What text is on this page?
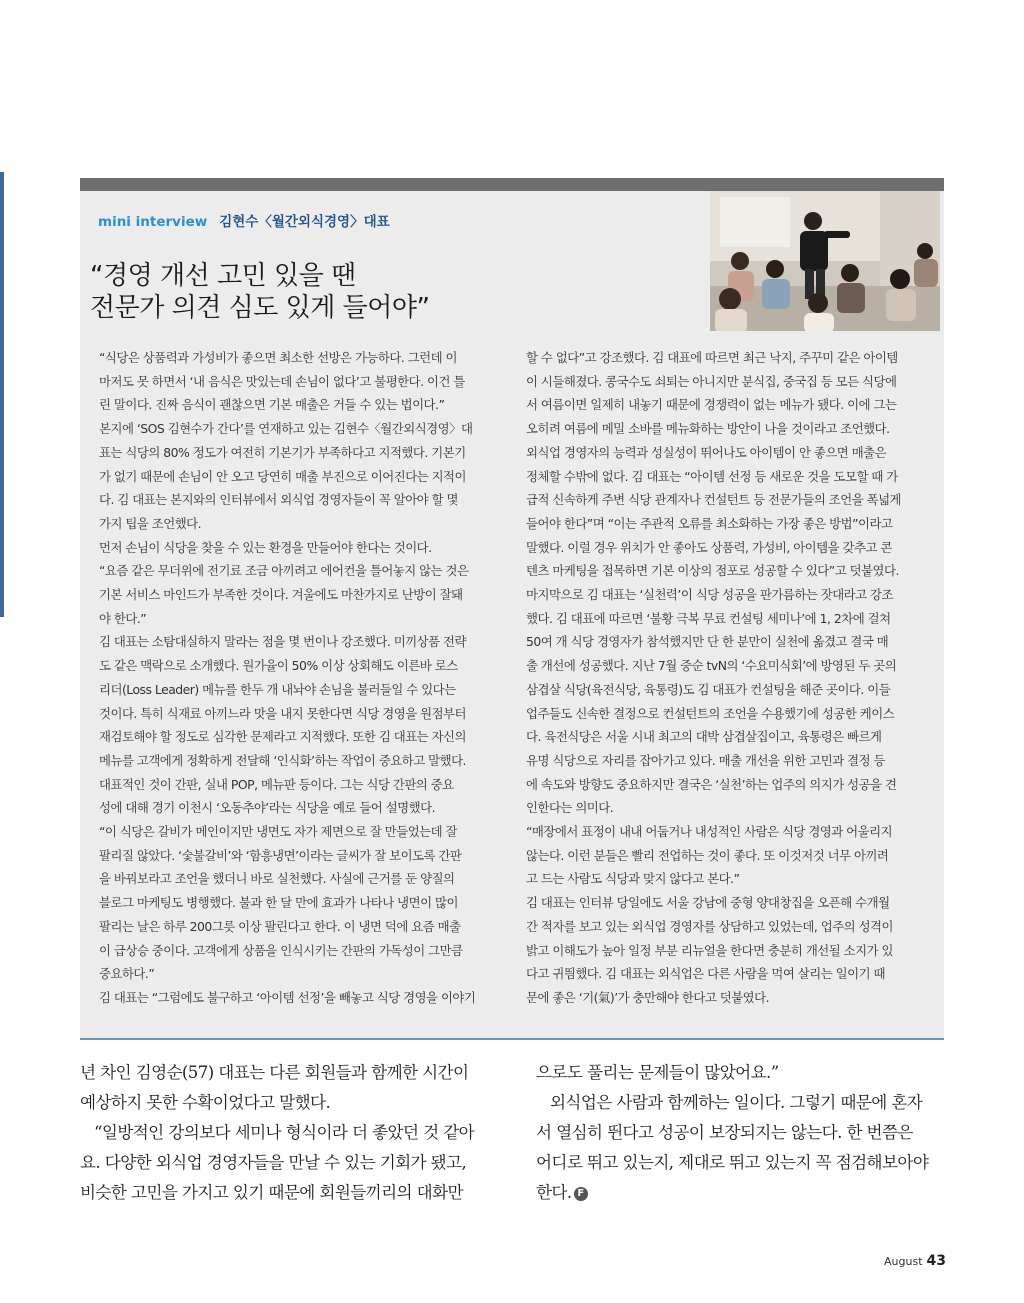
mini interview 김현수〈월간외식경영〉대표
“경영 개선 고민 있을 땐
전문가 의견 심도 있게 들어야”

“식당은 상품력과 가성비가 좋으면 최소한 선방은 가능하다. 그런데 이

마저도 못 하면서 ‘내 음식은 맛있는데 손님이 없다’고 불평한다. 이건 틀

린 말이다. 진짜 음식이 괜찮으면 기본 매출은 거들 수 있는 법이다.”

본지에 ‘SOS 김현수가 간다’를 연재하고 있는 김현수〈월간외식경영〉대

표는 식당의 80% 정도가 여전히 기본기가 부족하다고 지적했다. 기본기

가 없기 때문에 손님이 안 오고 당연히 매출 부진으로 이어진다는 지적이

다. 김 대표는 본지와의 인터뷰에서 외식업 경영자들이 꼭 알아야 할 몇

가지 팁을 조언했다.

먼저 손님이 식당을 찾을 수 있는 환경을 만들어야 한다는 것이다.

“요즘 같은 무더위에 전기료 조금 아끼려고 에어컨을 틀어놓지 않는 것은

기본 서비스 마인드가 부족한 것이다. 겨울에도 마찬가지로 난방이 잘돼

야 한다.”

김 대표는 소탐대실하지 말라는 점을 몇 번이나 강조했다. 미끼상품 전략

도 같은 맥락으로 소개했다. 원가율이 50% 이상 상회해도 이른바 로스

리더(Loss Leader) 메뉴를 한두 개 내놔야 손님을 불러들일 수 있다는

것이다. 특히 식재료 아끼느라 맛을 내지 못한다면 식당 경영을 원점부터

재검토해야 할 정도로 심각한 문제라고 지적했다. 또한 김 대표는 자신의

메뉴를 고객에게 정확하게 전달해 ‘인식화’하는 작업이 중요하고 말했다.

대표적인 것이 간판, 실내 POP, 메뉴판 등이다. 그는 식당 간판의 중요

성에 대해 경기 이천시 ‘오동추야’라는 식당을 예로 들어 설명했다.

“이 식당은 갈비가 메인이지만 냉면도 자가 제면으로 잘 만들었는데 잘

팔리질 않았다. ‘숯불갈비’와 ‘함흥냉면’이라는 글씨가 잘 보이도록 간판

을 바꿔보라고 조언을 했더니 바로 실천했다. 사실에 근거를 둔 양질의

블로그 마케팅도 병행했다. 불과 한 달 만에 효과가 나타나 냉면이 많이

팔리는 날은 하루 200그릇 이상 팔린다고 한다. 이 냉면 덕에 요즘 매출

이 급상승 중이다. 고객에게 상품을 인식시키는 간판의 가독성이 그만큼

중요하다.”

김 대표는 “그럼에도 불구하고 ‘아이템 선정’을 빼놓고 식당 경영을 이야기

할 수 없다”고 강조했다. 김 대표에 따르면 최근 낙지, 주꾸미 같은 아이템

이 시들해졌다. 콩국수도 쇠퇴는 아니지만 분식집, 중국집 등 모든 식당에

서 여름이면 일제히 내놓기 때문에 경쟁력이 없는 메뉴가 됐다. 이에 그는

오히려 여름에 메밀 소바를 메뉴화하는 방안이 나을 것이라고 조언했다.

외식업 경영자의 능력과 성실성이 뛰어나도 아이템이 안 좋으면 매출은

정체할 수밖에 없다. 김 대표는 “아이템 선정 등 새로운 것을 도모할 때 가

급적 신속하게 주변 식당 관계자나 컨설턴트 등 전문가들의 조언을 폭넓게

들어야 한다”며 “이는 주관적 오류를 최소화하는 가장 좋은 방법”이라고

말했다. 이럴 경우 위치가 안 좋아도 상품력, 가성비, 아이템을 갖추고 콘

텐츠 마케팅을 접목하면 기본 이상의 점포로 성공할 수 있다”고 덧붙였다.

마지막으로 김 대표는 ‘실천력’이 식당 성공을 판가름하는 잣대라고 강조

했다. 김 대표에 따르면 ‘불황 극복 무료 컨설팅 세미나’에 1, 2차에 걸쳐

50여 개 식당 경영자가 참석했지만 단 한 분만이 실천에 옮겼고 결국 매

출 개선에 성공했다. 지난 7월 중순 tvN의 ‘수요미식회’에 방영된 두 곳의

삼겹살 식당(육전식당, 육통령)도 김 대표가 컨설팅을 해준 곳이다. 이들

업주들도 신속한 결정으로 컨설턴트의 조언을 수용했기에 성공한 케이스

다. 육전식당은 서울 시내 최고의 대박 삼겹살집이고, 육통령은 빠르게

유명 식당으로 자리를 잡아가고 있다. 매출 개선을 위한 고민과 결정 등

에 속도와 방향도 중요하지만 결국은 ‘실천’하는 업주의 의지가 성공을 견

인한다는 의미다.

“매장에서 표정이 내내 어둡거나 내성적인 사람은 식당 경영과 어울리지

않는다. 이런 분들은 빨리 전업하는 것이 좋다. 또 이것저것 너무 아끼려

고 드는 사람도 식당과 맞지 않다고 본다.”

김 대표는 인터뷰 당일에도 서울 강남에 중형 양대창집을 오픈해 수개월

간 적자를 보고 있는 외식업 경영자를 상담하고 있었는데, 업주의 성격이

밝고 이해도가 높아 일정 부분 리뉴얼을 한다면 충분히 개선될 소지가 있

다고 귀띔했다. 김 대표는 외식업은 다른 사람을 먹여 살리는 일이기 때

문에 좋은 ‘기(氣)’가 충만해야 한다고 덧붙였다.

년 차인 김영순(57) 대표는 다른 회원들과 함께한 시간이

예상하지 못한 수확이었다고 말했다.

“일방적인 강의보다 세미나 형식이라 더 좋았던 것 같아

요. 다양한 외식업 경영자들을 만날 수 있는 기회가 됐고,

비슷한 고민을 가지고 있기 때문에 회원들끼리의 대화만

으로도 풀리는 문제들이 많았어요.”

외식업은 사람과 함께하는 일이다. 그렇기 때문에 혼자

서 열심히 뛴다고 성공이 보장되지는 않는다. 한 번쯤은

어디로 뛰고 있는지, 제대로 뛰고 있는지 꼭 점검해보아야

한다. F

August 43
